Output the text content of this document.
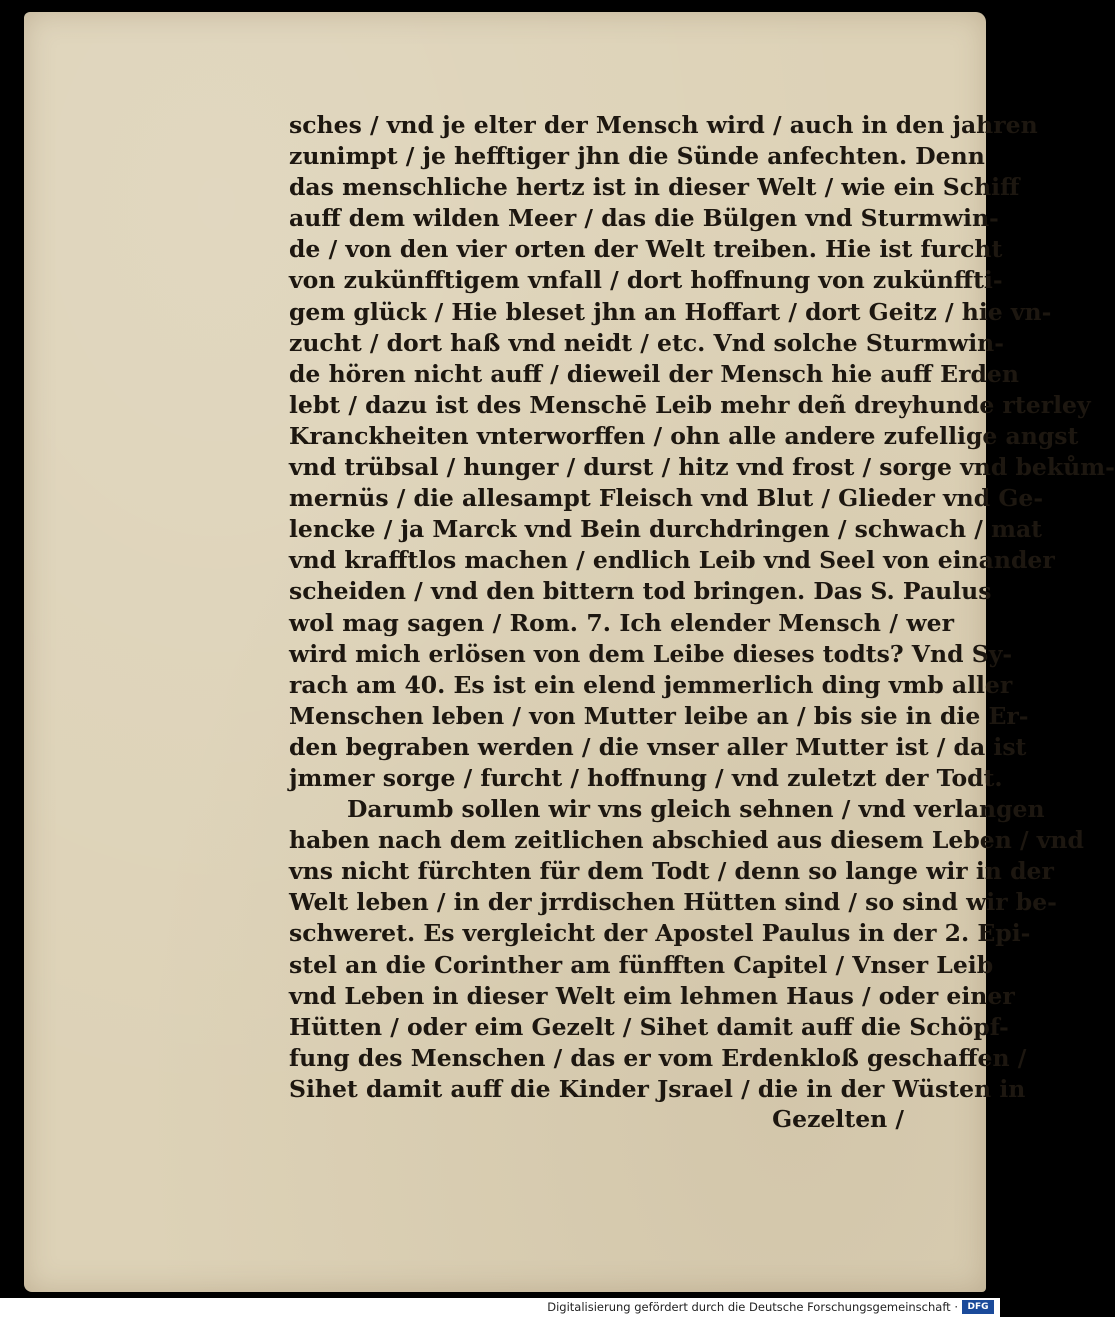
sches / vnd je elter der Mensch wird / auch in den jahren
zunimpt / je hefftiger jhn die Sünde anfechten. Denn
das menschliche hertz ist in dieser Welt / wie ein Schiff
auff dem wilden Meer / das die Bülgen vnd Sturmwin-
de / von den vier orten der Welt treiben. Hie ist furcht
von zukünfftigem vnfall / dort hoffnung von zukünffti-
gem glück / Hie bleset jhn an Hoffart / dort Geitz / hie vn-
zucht / dort haß vnd neidt / etc. Vnd solche Sturmwin-
de hören nicht auff / dieweil der Mensch hie auff Erden
lebt / dazu ist des Menschē Leib mehr deñ dreyhunde rterley
Kranckheiten vnterworffen / ohn alle andere zufellige angst
vnd trübsal / hunger / durst / hitz vnd frost / sorge vnd bekům-
mernüs / die allesampt Fleisch vnd Blut / Glieder vnd Ge-
lencke / ja Marck vnd Bein durchdringen / schwach / mat
vnd krafftlos machen / endlich Leib vnd Seel von einander
scheiden / vnd den bittern tod bringen. Das S. Paulus
wol mag sagen / Rom. 7. Ich elender Mensch / wer
wird mich erlösen von dem Leibe dieses todts? Vnd Sy-
rach am 40. Es ist ein elend jemmerlich ding vmb aller
Menschen leben / von Mutter leibe an / bis sie in die Er-
den begraben werden / die vnser aller Mutter ist / da ist
jmmer sorge / furcht / hoffnung / vnd zuletzt der Todt.
Darumb sollen wir vns gleich sehnen / vnd verlangen
haben nach dem zeitlichen abschied aus diesem Leben / vnd
vns nicht fürchten für dem Todt / denn so lange wir in der
Welt leben / in der jrrdischen Hütten sind / so sind wir be-
schweret. Es vergleicht der Apostel Paulus in der 2. Epi-
stel an die Corinther am fünfften Capitel / Vnser Leib
vnd Leben in dieser Welt eim lehmen Haus / oder einer
Hütten / oder eim Gezelt / Sihet damit auff die Schöpf-
fung des Menschen / das er vom Erdenkloß geschaffen /
Sihet damit auff die Kinder Jsrael / die in der Wüsten in
Gezelten /
Digitalisierung gefördert durch die Deutsche Forschungsgemeinschaft ·	DFG
